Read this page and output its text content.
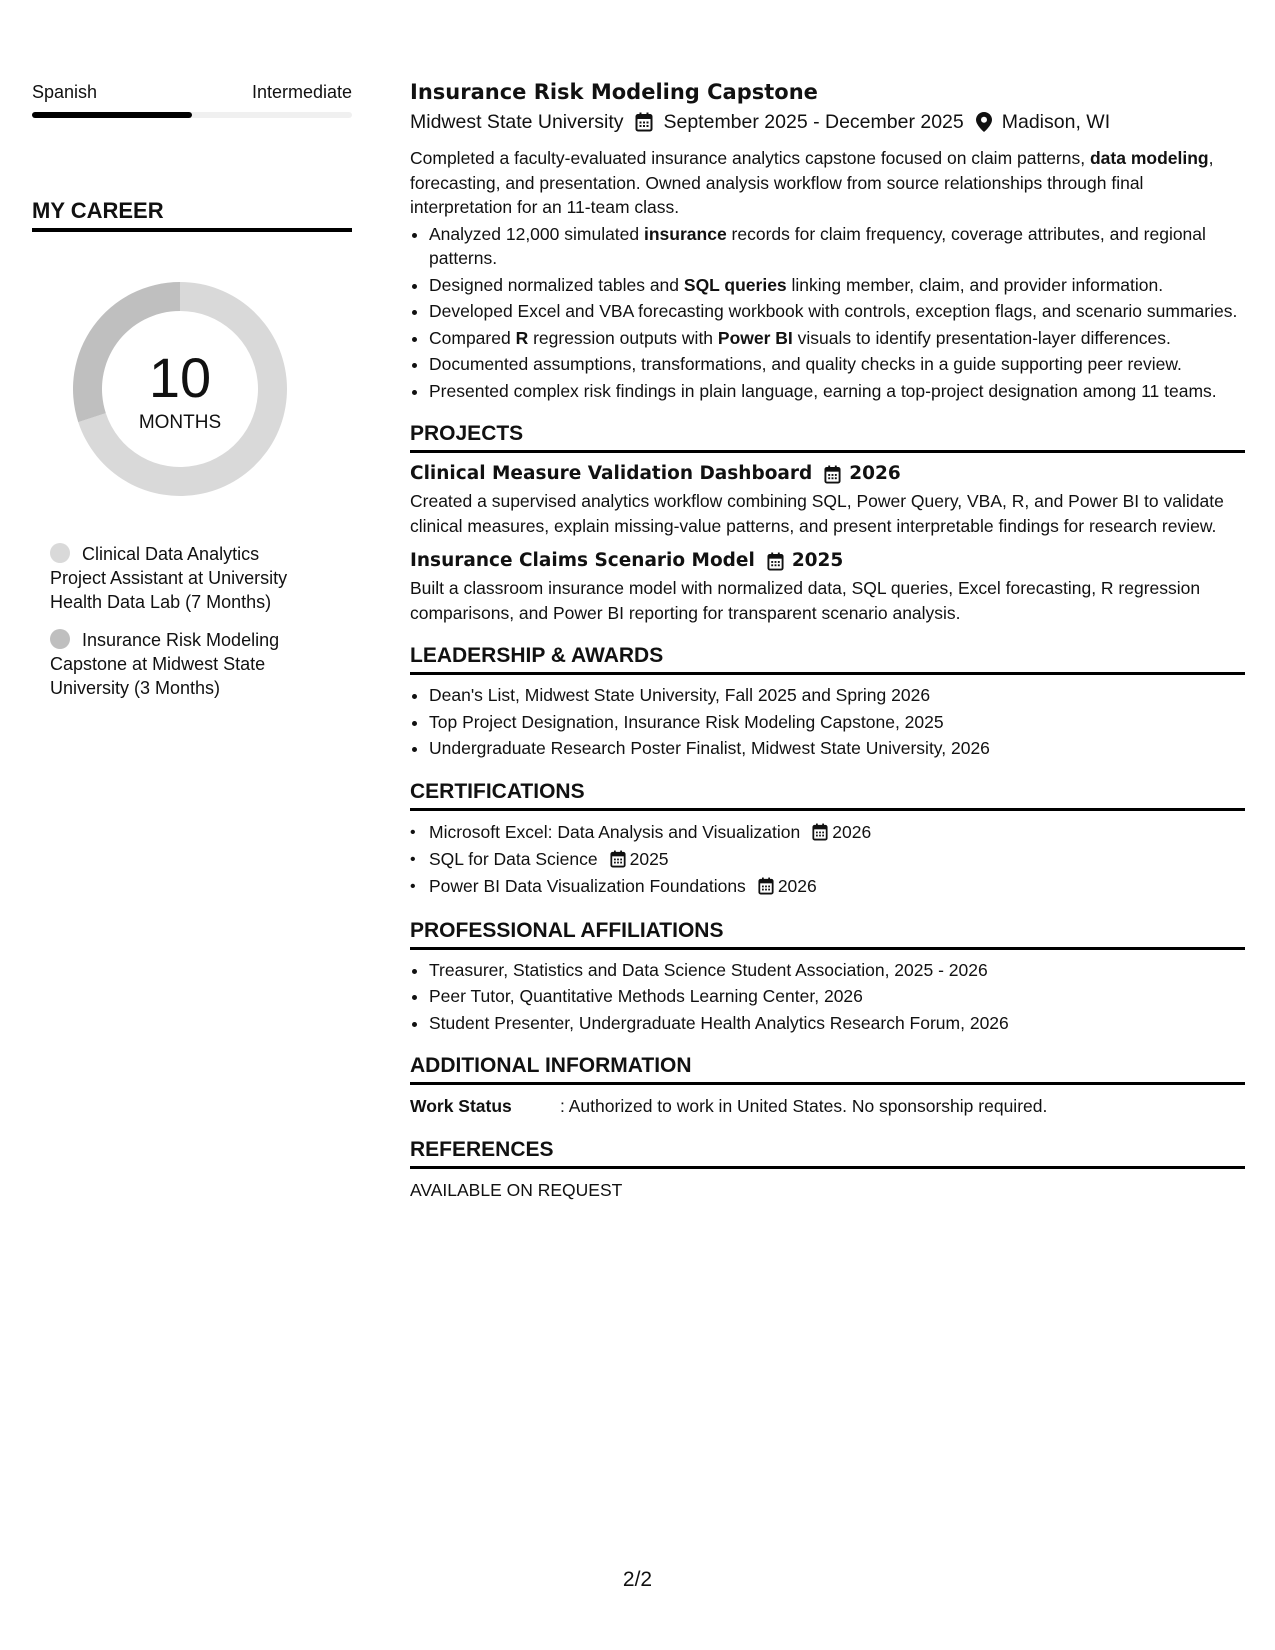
Spanish	Intermediate
MY CAREER
10
MONTHS
Clinical Data Analytics Project Assistant at University Health Data Lab (7 Months)
Insurance Risk Modeling Capstone at Midwest State University (3 Months)
Insurance Risk Modeling Capstone
Midwest State University September 2025 - December 2025 Madison, WI
Completed a faculty-evaluated insurance analytics capstone focused on claim patterns, data modeling, forecasting, and presentation. Owned analysis workflow from source relationships through final interpretation for an 11-team class.
• Analyzed 12,000 simulated insurance records for claim frequency, coverage attributes, and regional patterns.
• Designed normalized tables and SQL queries linking member, claim, and provider information.
• Developed Excel and VBA forecasting workbook with controls, exception flags, and scenario summaries.
• Compared R regression outputs with Power BI visuals to identify presentation-layer differences.
• Documented assumptions, transformations, and quality checks in a guide supporting peer review.
• Presented complex risk findings in plain language, earning a top-project designation among 11 teams.
PROJECTS
Clinical Measure Validation Dashboard 2026
Created a supervised analytics workflow combining SQL, Power Query, VBA, R, and Power BI to validate clinical measures, explain missing-value patterns, and present interpretable findings for research review.
Insurance Claims Scenario Model 2025
Built a classroom insurance model with normalized data, SQL queries, Excel forecasting, R regression comparisons, and Power BI reporting for transparent scenario analysis.
LEADERSHIP & AWARDS
• Dean's List, Midwest State University, Fall 2025 and Spring 2026
• Top Project Designation, Insurance Risk Modeling Capstone, 2025
• Undergraduate Research Poster Finalist, Midwest State University, 2026
CERTIFICATIONS
• Microsoft Excel: Data Analysis and Visualization 2026
• SQL for Data Science 2025
• Power BI Data Visualization Foundations 2026
PROFESSIONAL AFFILIATIONS
• Treasurer, Statistics and Data Science Student Association, 2025 - 2026
• Peer Tutor, Quantitative Methods Learning Center, 2026
• Student Presenter, Undergraduate Health Analytics Research Forum, 2026
ADDITIONAL INFORMATION
Work Status	: Authorized to work in United States. No sponsorship required.
REFERENCES
AVAILABLE ON REQUEST
2/2
